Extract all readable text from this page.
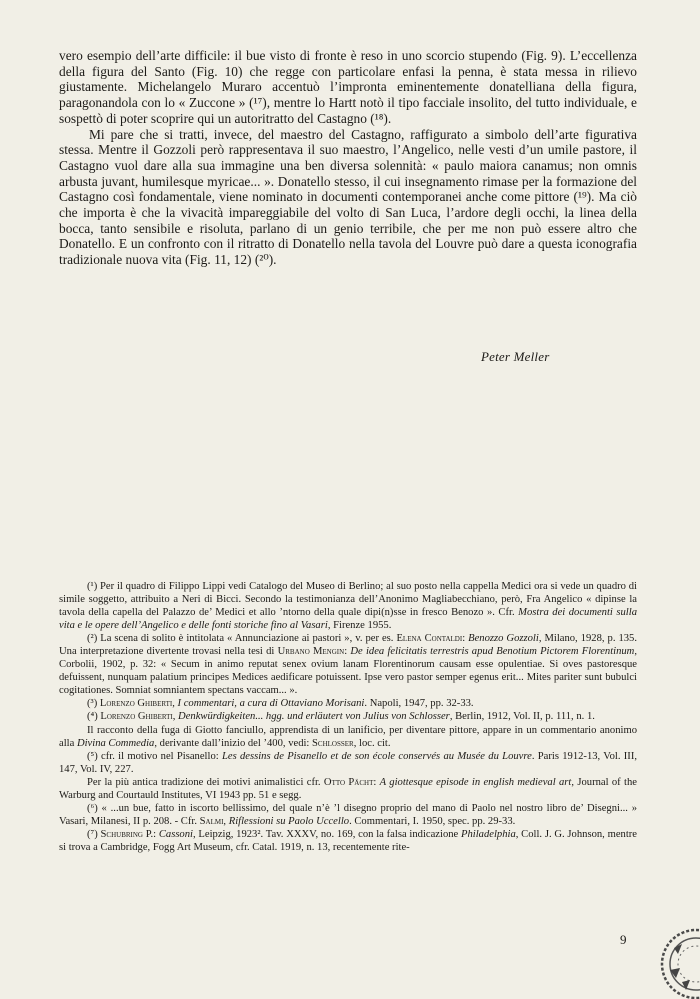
vero esempio dell’arte difficile: il bue visto di fronte è reso in uno scorcio stupendo (Fig. 9). L’eccellenza della figura del Santo (Fig. 10) che regge con particolare enfasi la penna, è stata messa in rilievo giustamente. Michelangelo Muraro accentuò l’impronta eminentemente donatelliana della figura, paragonandola con lo « Zuccone » (¹⁷), mentre lo Hartt notò il tipo facciale insolito, del tutto individuale, e sospettò di poter scoprire qui un autoritratto del Castagno (¹⁸).

Mi pare che si tratti, invece, del maestro del Castagno, raffigurato a simbolo dell’arte figurativa stessa. Mentre il Gozzoli però rappresentava il suo maestro, l’Angelico, nelle vesti d’un umile pastore, il Castagno vuol dare alla sua immagine una ben diversa solennità: « paulo maiora canamus; non omnis arbusta juvant, humilesque myricae... ». Donatello stesso, il cui insegnamento rimase per la formazione del Castagno così fondamentale, viene nominato in documenti contemporanei anche come pittore (¹⁹). Ma ciò che importa è che la vivacità impareggiabile del volto di San Luca, l’ardore degli occhi, la linea della bocca, tanto sensibile e risoluta, parlano di un genio terribile, che per me non può essere altro che Donatello. E un confronto con il ritratto di Donatello nella tavola del Louvre può dare a questa iconografia tradizionale nuova vita (Fig. 11, 12) (²⁰).

Peter Meller

(¹) Per il quadro di Filippo Lippi vedi Catalogo del Museo di Berlino; al suo posto nella cappella Medici ora si vede un quadro di simile soggetto, attribuito a Neri di Bicci. Secondo la testimonianza dell’Anonimo Magliabecchiano, però, Fra Angelico « dipinse la tavola della capella del Palazzo de’ Medici et allo ’ntorno della quale dipi(n)sse in fresco Benozo ». Cfr. Mostra dei documenti sulla vita e le opere dell’Angelico e delle fonti storiche fino al Vasari, Firenze 1955.

(²) La scena di solito è intitolata « Annunciazione ai pastori », v. per es. Elena Contaldi: Benozzo Gozzoli, Milano, 1928, p. 135. Una interpretazione divertente trovasi nella tesi di Urbano Mengin: De idea felicitatis terrestris apud Benotium Pictorem Florentinum, Corbolii, 1902, p. 32: « Secum in animo reputat senex ovium lanam Florentinorum causam esse opulentiae. Si oves pastoresque defuissent, nunquam palatium principes Medices aedificare potuissent. Ipse vero pastor semper egenus erit... Mites pariter sunt bubulci cogitationes. Somniat somniantem spectans vaccam... ».

(³) Lorenzo Ghiberti, I commentari, a cura di Ottaviano Morisani. Napoli, 1947, pp. 32-33.

(⁴) Lorenzo Ghiberti, Denkwürdigkeiten... hgg. und erläutert von Julius von Schlosser, Berlin, 1912, Vol. II, p. 111, n. 1.

Il racconto della fuga di Giotto fanciullo, apprendista di un lanificio, per diventare pittore, appare in un commentario anonimo alla Divina Commedia, derivante dall’inizio del ’400, vedi: Schlosser, loc. cit.

(⁵) cfr. il motivo nel Pisanello: Les dessins de Pisanello et de son école conservés au Musée du Louvre. Paris 1912-13, Vol. III, 147, Vol. IV, 227.

Per la più antica tradizione dei motivi animalistici cfr. Otto Pächt: A giottesque episode in english medieval art, Journal of the Warburg and Courtauld Institutes, VI 1943 pp. 51 e segg.

(⁶) « ...un bue, fatto in iscorto bellissimo, del quale n’è ’l disegno proprio del mano di Paolo nel nostro libro de’ Disegni... » Vasari, Milanesi, II p. 208. - Cfr. Salmi, Riflessioni su Paolo Uccello. Commentari, I. 1950, spec. pp. 29-33.

(⁷) Schubring P.: Cassoni, Leipzig, 1923². Tav. XXXV, no. 169, con la falsa indicazione Philadelphia, Coll. J. G. Johnson, mentre si trova a Cambridge, Fogg Art Museum, cfr. Catal. 1919, n. 13, recentemente rite-

9
